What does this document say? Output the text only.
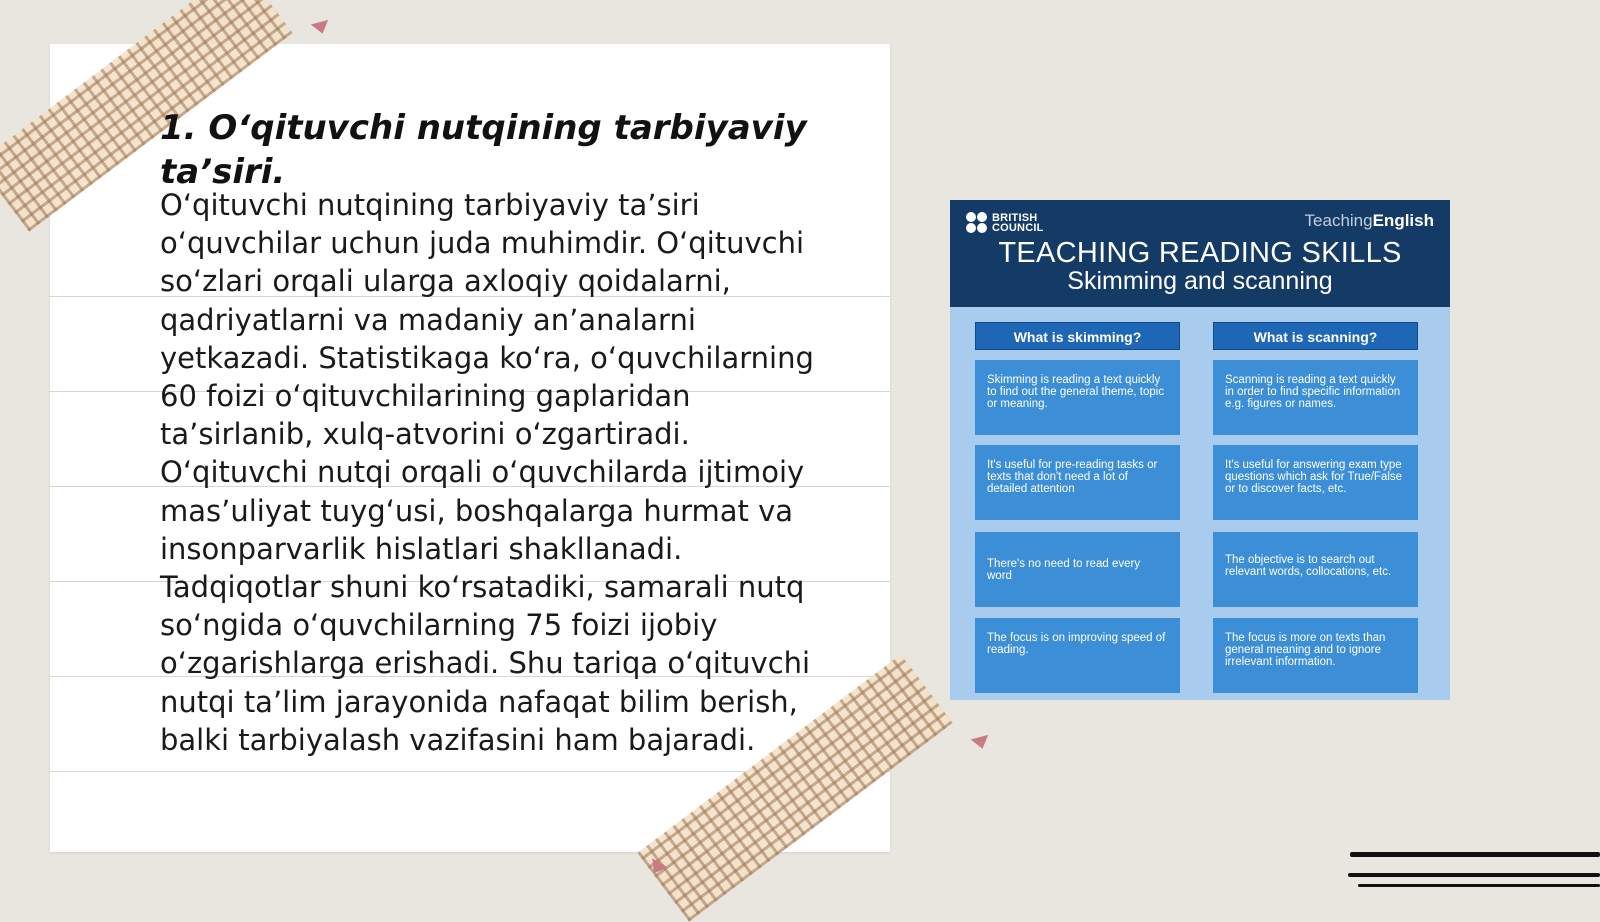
1. O‘qituvchi nutqining tarbiyaviy ta’siri.

O‘qituvchi nutqining tarbiyaviy ta’siri o‘quvchilar uchun juda muhimdir. O‘qituvchi so‘zlari orqali ularga axloqiy qoidalarni, qadriyatlarni va madaniy an’analarni yetkazadi. Statistikaga ko‘ra, o‘quvchilarning 60 foizi o‘qituvchilarining gaplaridan ta’sirlanib, xulq-atvorini o‘zgartiradi. O‘qituvchi nutqi orqali o‘quvchilarda ijtimoiy mas’uliyat tuyg‘usi, boshqalarga hurmat va insonparvarlik hislatlari shakllanadi. Tadqiqotlar shuni ko‘rsatadiki, samarali nutq so‘ngida o‘quvchilarning 75 foizi ijobiy o‘zgarishlarga erishadi. Shu tariqa o‘qituvchi nutqi ta’lim jarayonida nafaqat bilim berish, balki tarbiyalash vazifasini ham bajaradi.

BRITISH COUNCIL	TeachingEnglish
TEACHING READING SKILLS
Skimming and scanning
What is skimming?	What is scanning?
Skimming is reading a text quickly to find out the general theme, topic or meaning.
It's useful for pre-reading tasks or texts that don't need a lot of detailed attention
There's no need to read every word
The focus is on improving speed of reading.
Scanning is reading a text quickly in order to find specific information e.g. figures or names.
It's useful for answering exam type questions which ask for True/False or to discover facts, etc.
The objective is to search out relevant words, collocations, etc.
The focus is more on texts than general meaning and to ignore irrelevant information.
